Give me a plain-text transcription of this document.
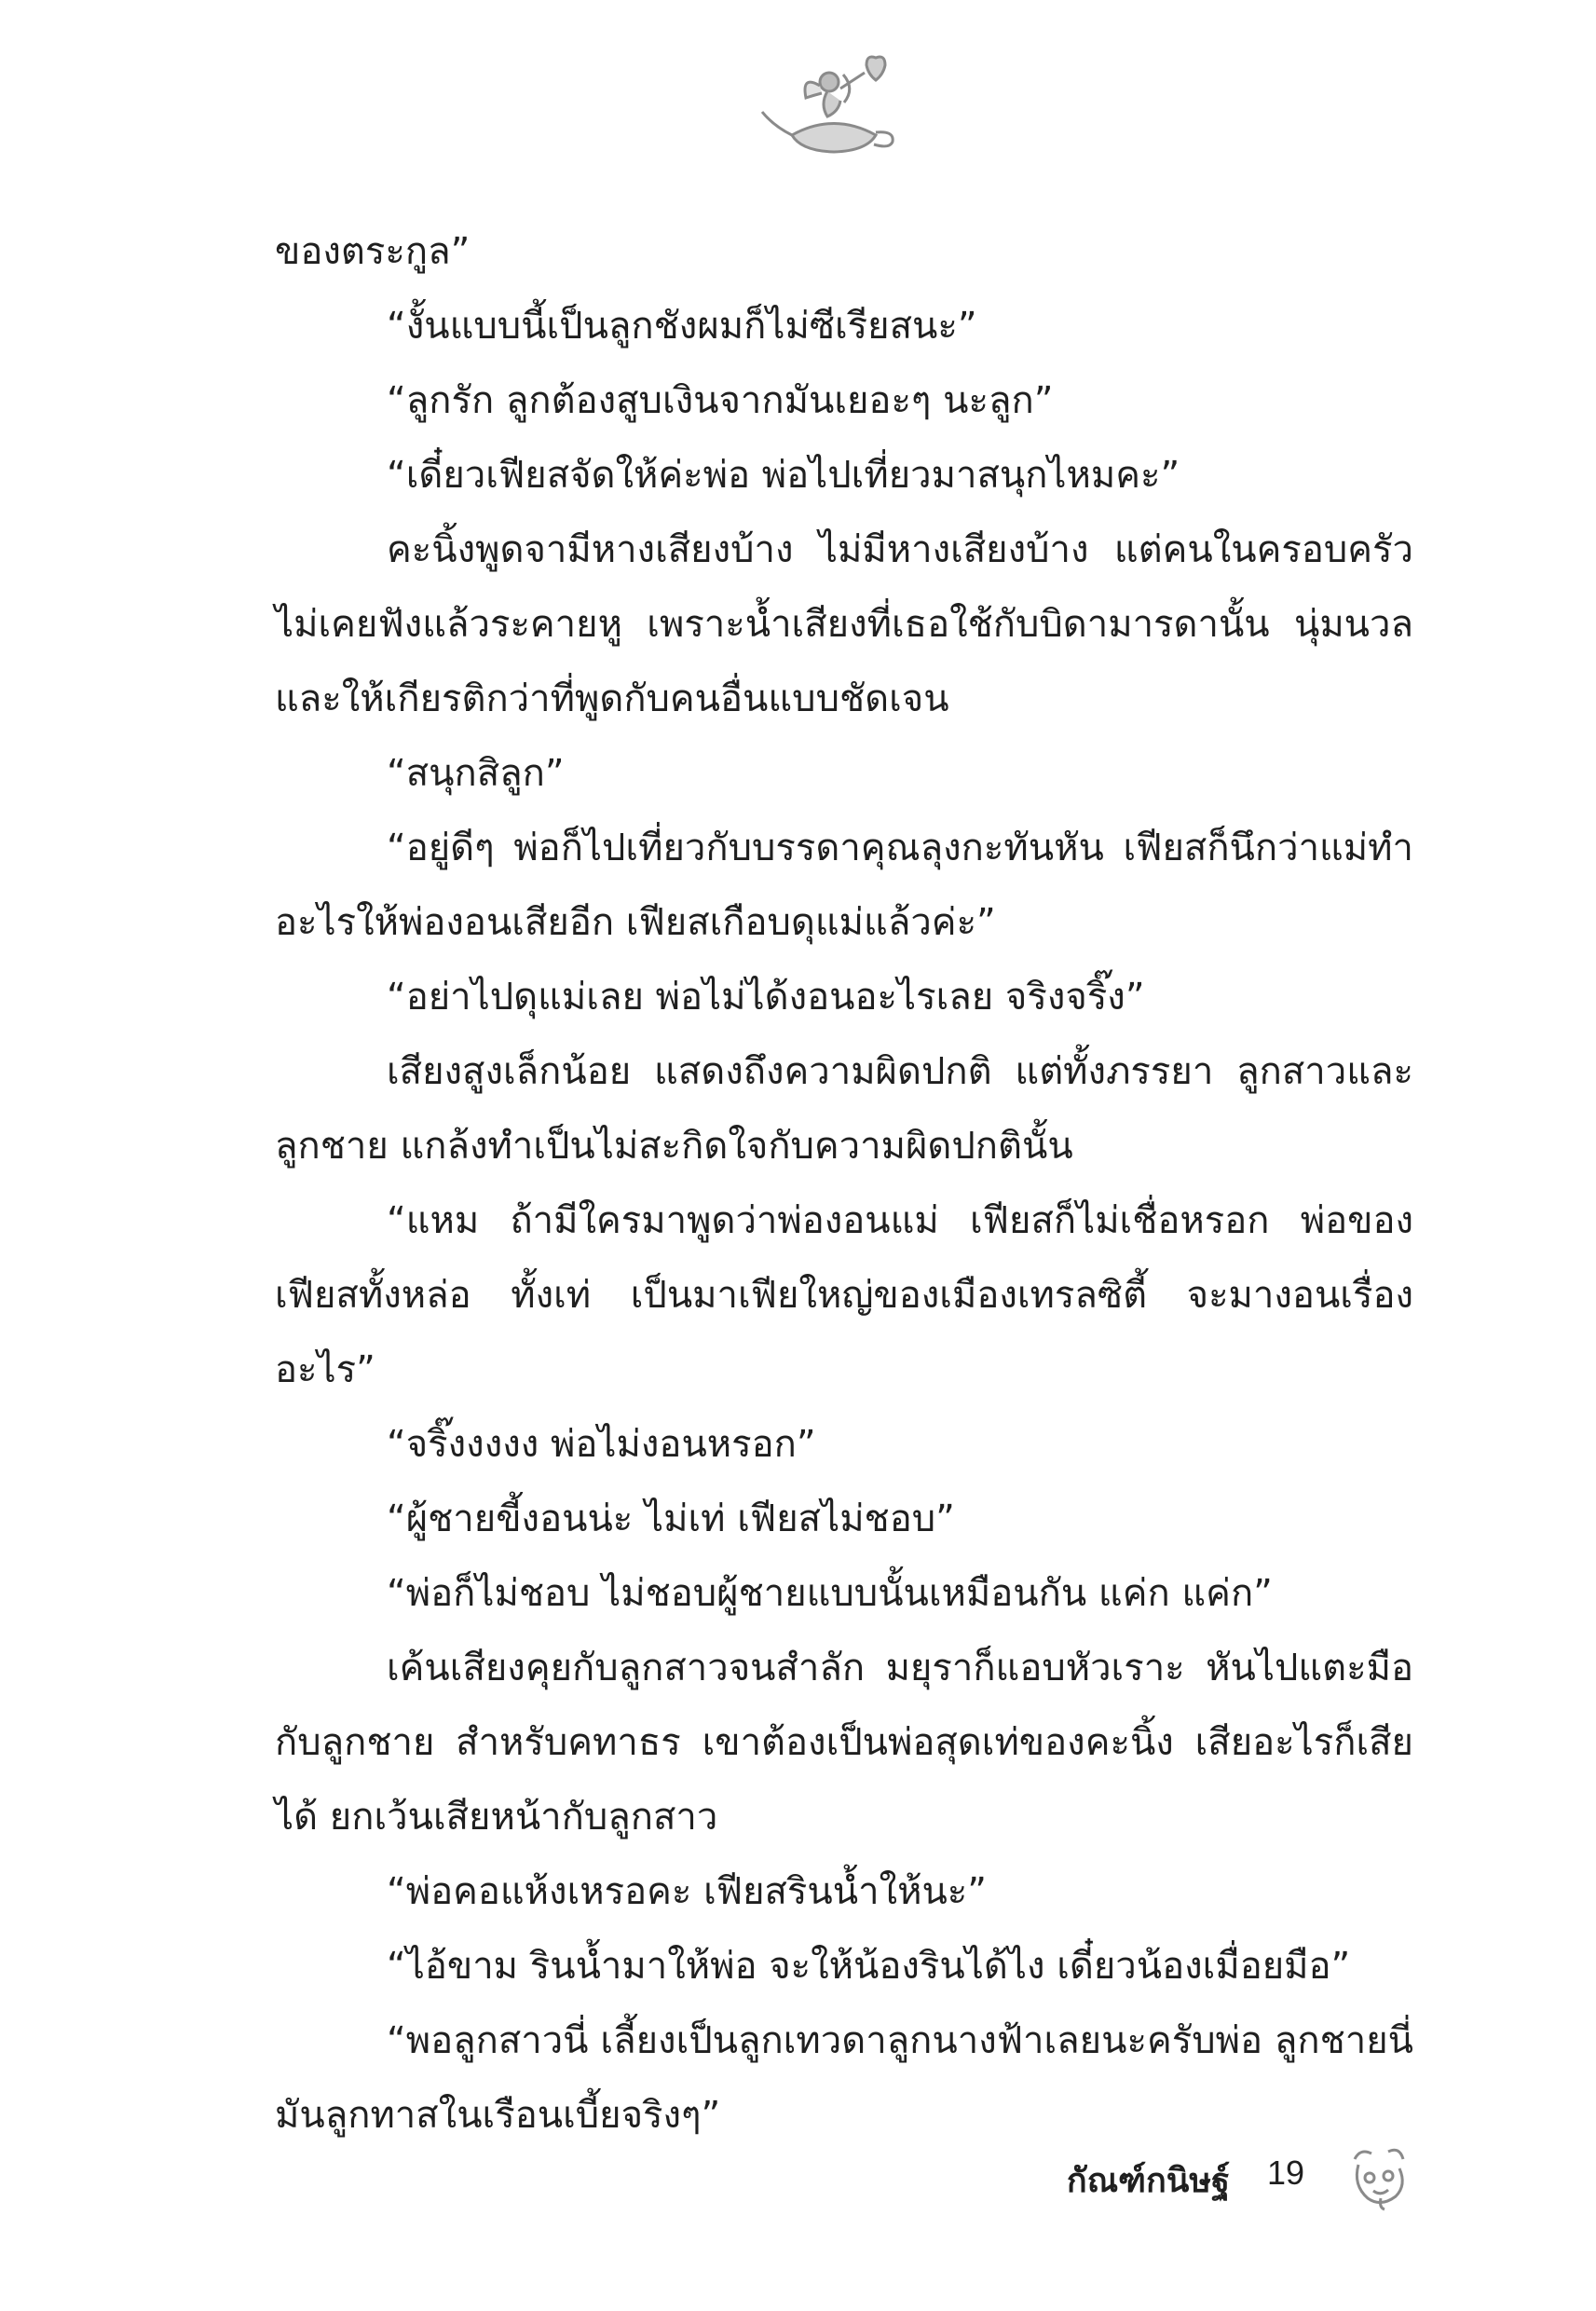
ของตระกูล”

“งั้นแบบนี้เป็นลูกชังผมก็ไม่ซีเรียสนะ”

“ลูกรัก ลูกต้องสูบเงินจากมันเยอะๆ นะลูก”

“เดี๋ยวเฟียสจัดให้ค่ะพ่อ พ่อไปเที่ยวมาสนุกไหมคะ”

คะนิ้งพูดจามีหางเสียงบ้าง ไม่มีหางเสียงบ้าง แต่คนในครอบครัวไม่เคยฟังแล้วระคายหู เพราะน้ำเสียงที่เธอใช้กับบิดามารดานั้น นุ่มนวลและให้เกียรติกว่าที่พูดกับคนอื่นแบบชัดเจน

“สนุกสิลูก”

“อยู่ดีๆ พ่อก็ไปเที่ยวกับบรรดาคุณลุงกะทันหัน เฟียสก็นึกว่าแม่ทำอะไรให้พ่องอนเสียอีก เฟียสเกือบดุแม่แล้วค่ะ”

“อย่าไปดุแม่เลย พ่อไม่ได้งอนอะไรเลย จริงจริ๊ง”

เสียงสูงเล็กน้อย แสดงถึงความผิดปกติ แต่ทั้งภรรยา ลูกสาวและลูกชาย แกล้งทำเป็นไม่สะกิดใจกับความผิดปกตินั้น

“แหม ถ้ามีใครมาพูดว่าพ่องอนแม่ เฟียสก็ไม่เชื่อหรอก พ่อของเฟียสทั้งหล่อ ทั้งเท่ เป็นมาเฟียใหญ่ของเมืองเทรลซิตี้ จะมางอนเรื่องอะไร”

“จริ๊งงงงง พ่อไม่งอนหรอก”

“ผู้ชายขี้งอนน่ะ ไม่เท่ เฟียสไม่ชอบ”

“พ่อก็ไม่ชอบ ไม่ชอบผู้ชายแบบนั้นเหมือนกัน แค่ก แค่ก”

เค้นเสียงคุยกับลูกสาวจนสำลัก มยุราก็แอบหัวเราะ หันไปแตะมือกับลูกชาย สำหรับคทาธร เขาต้องเป็นพ่อสุดเท่ของคะนิ้ง เสียอะไรก็เสียได้ ยกเว้นเสียหน้ากับลูกสาว

“พ่อคอแห้งเหรอคะ เฟียสรินน้ำให้นะ”

“ไอ้ขาม รินน้ำมาให้พ่อ จะให้น้องรินได้ไง เดี๋ยวน้องเมื่อยมือ”

“พอลูกสาวนี่ เลี้ยงเป็นลูกเทวดาลูกนางฟ้าเลยนะครับพ่อ ลูกชายนี่มันลูกทาสในเรือนเบี้ยจริงๆ”

กัณฑ์กนิษฐ์ 19
